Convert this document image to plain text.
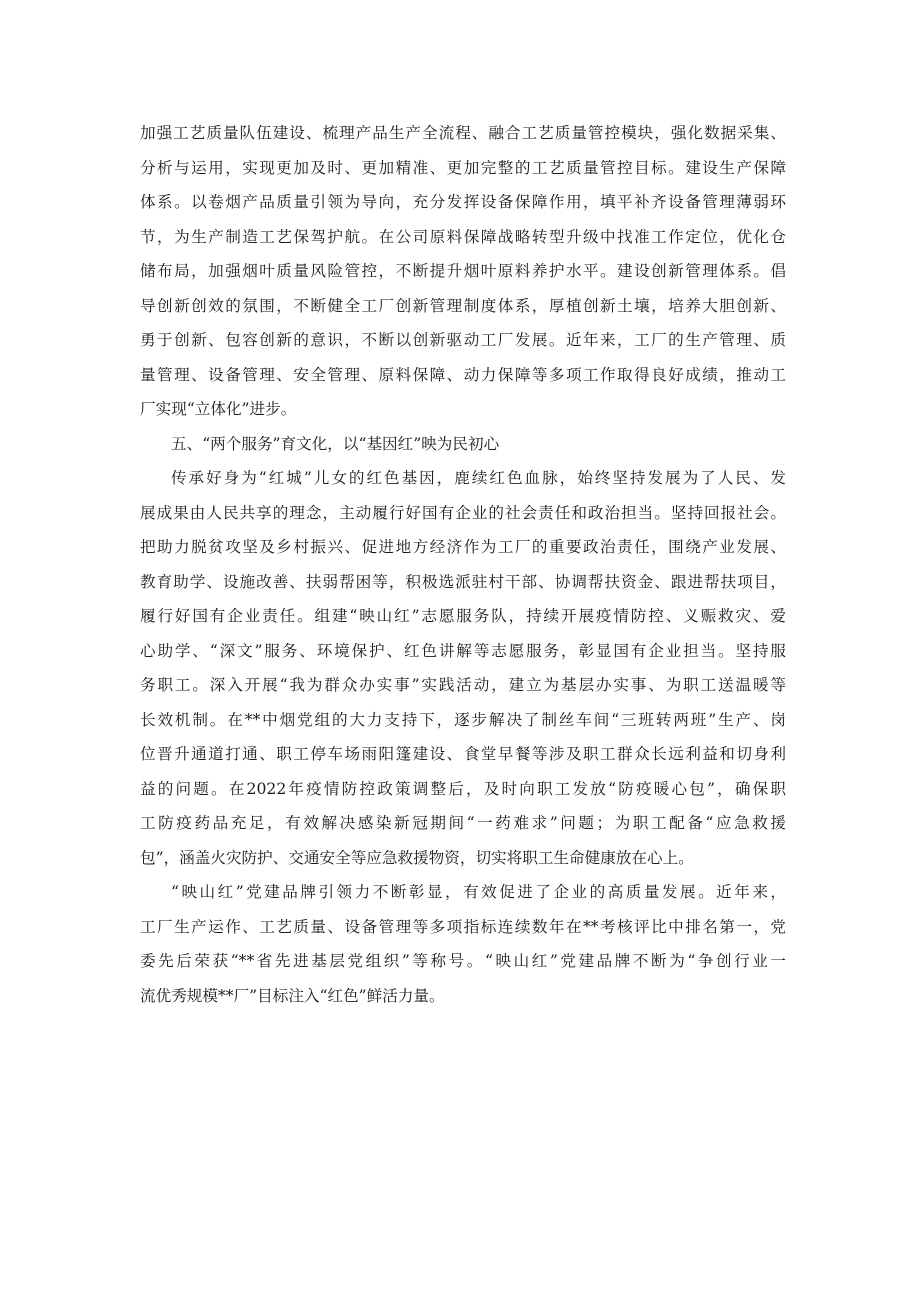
加强工艺质量队伍建设、梳理产品生产全流程、融合工艺质量管控模块，强化数据采集、
分析与运用，实现更加及时、更加精准、更加完整的工艺质量管控目标。建设生产保障
体系。以卷烟产品质量引领为导向，充分发挥设备保障作用，填平补齐设备管理薄弱环
节，为生产制造工艺保驾护航。在公司原料保障战略转型升级中找准工作定位，优化仓
储布局，加强烟叶质量风险管控，不断提升烟叶原料养护水平。建设创新管理体系。倡
导创新创效的氛围，不断健全工厂创新管理制度体系，厚植创新土壤，培养大胆创新、
勇于创新、包容创新的意识，不断以创新驱动工厂发展。近年来，工厂的生产管理、质
量管理、设备管理、安全管理、原料保障、动力保障等多项工作取得良好成绩，推动工
厂实现“立体化”进步。
五、“两个服务”育文化，以“基因红”映为民初心
传承好身为“红城”儿女的红色基因，鹿续红色血脉，始终坚持发展为了人民、发
展成果由人民共享的理念，主动履行好国有企业的社会责任和政治担当。坚持回报社会。
把助力脱贫攻坚及乡村振兴、促进地方经济作为工厂的重要政治责任，围绕产业发展、
教育助学、设施改善、扶弱帮困等，积极选派驻村干部、协调帮扶资金、跟进帮扶项目，
履行好国有企业责任。组建“映山红”志愿服务队，持续开展疫情防控、义赈救灾、爱
心助学、“深文”服务、环境保护、红色讲解等志愿服务，彰显国有企业担当。坚持服
务职工。深入开展“我为群众办实事”实践活动，建立为基层办实事、为职工送温暖等
长效机制。在**中烟党组的大力支持下，逐步解决了制丝车间“三班转两班”生产、岗
位晋升通道打通、职工停车场雨阳篷建设、食堂早餐等涉及职工群众长远利益和切身利
益的问题。在2022年疫情防控政策调整后，及时向职工发放“防疫暖心包”，确保职
工防疫药品充足，有效解决感染新冠期间“一药难求”问题；为职工配备“应急救援
包”，涵盖火灾防护、交通安全等应急救援物资，切实将职工生命健康放在心上。
“映山红”党建品牌引领力不断彰显，有效促进了企业的高质量发展。近年来，
工厂生产运作、工艺质量、设备管理等多项指标连续数年在**考核评比中排名第一，党
委先后荣获“**省先进基层党组织”等称号。“映山红”党建品牌不断为“争创行业一
流优秀规模**厂”目标注入“红色”鲜活力量。
